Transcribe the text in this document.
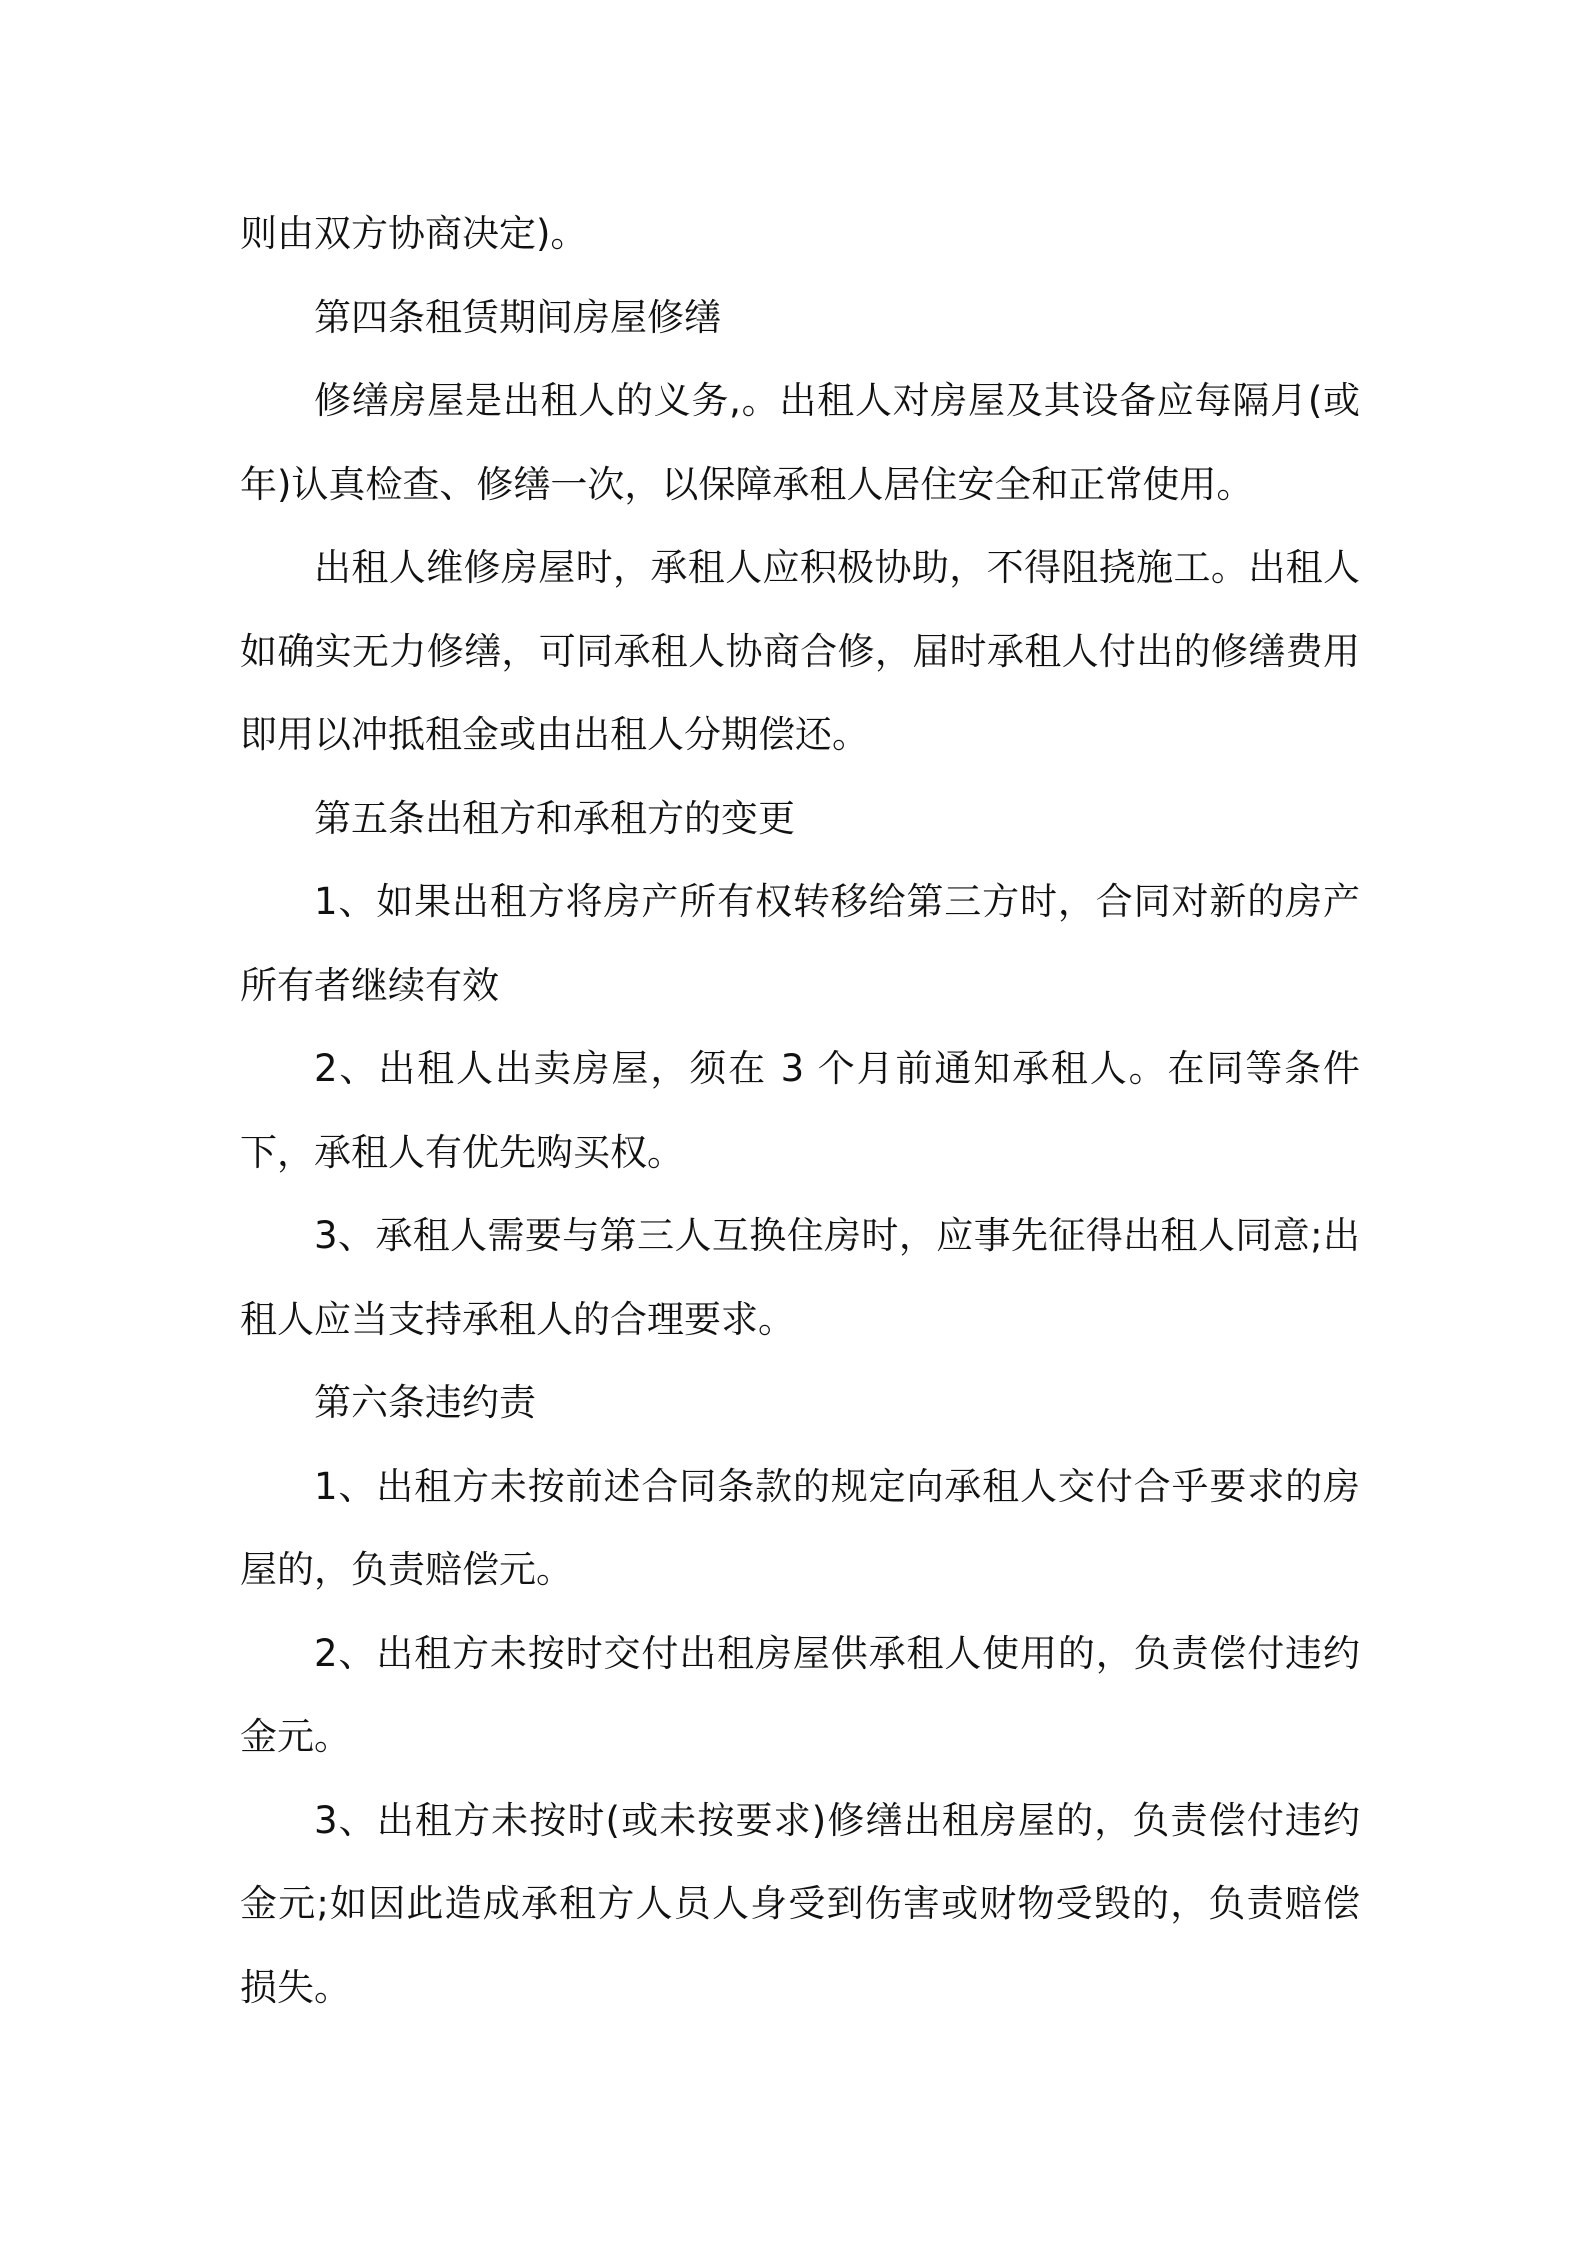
则由双方协商决定)。

第四条租赁期间房屋修缮

修缮房屋是出租人的义务,。出租人对房屋及其设备应每隔月(或年)认真检查、修缮一次，以保障承租人居住安全和正常使用。

出租人维修房屋时，承租人应积极协助，不得阻挠施工。出租人如确实无力修缮，可同承租人协商合修，届时承租人付出的修缮费用即用以冲抵租金或由出租人分期偿还。

第五条出租方和承租方的变更

1、如果出租方将房产所有权转移给第三方时，合同对新的房产所有者继续有效

2、出租人出卖房屋，须在 3 个月前通知承租人。在同等条件下，承租人有优先购买权。

3、承租人需要与第三人互换住房时，应事先征得出租人同意;出租人应当支持承租人的合理要求。

第六条违约责

1、出租方未按前述合同条款的规定向承租人交付合乎要求的房屋的，负责赔偿元。

2、出租方未按时交付出租房屋供承租人使用的，负责偿付违约金元。

3、出租方未按时(或未按要求)修缮出租房屋的，负责偿付违约金元;如因此造成承租方人员人身受到伤害或财物受毁的，负责赔偿损失。
